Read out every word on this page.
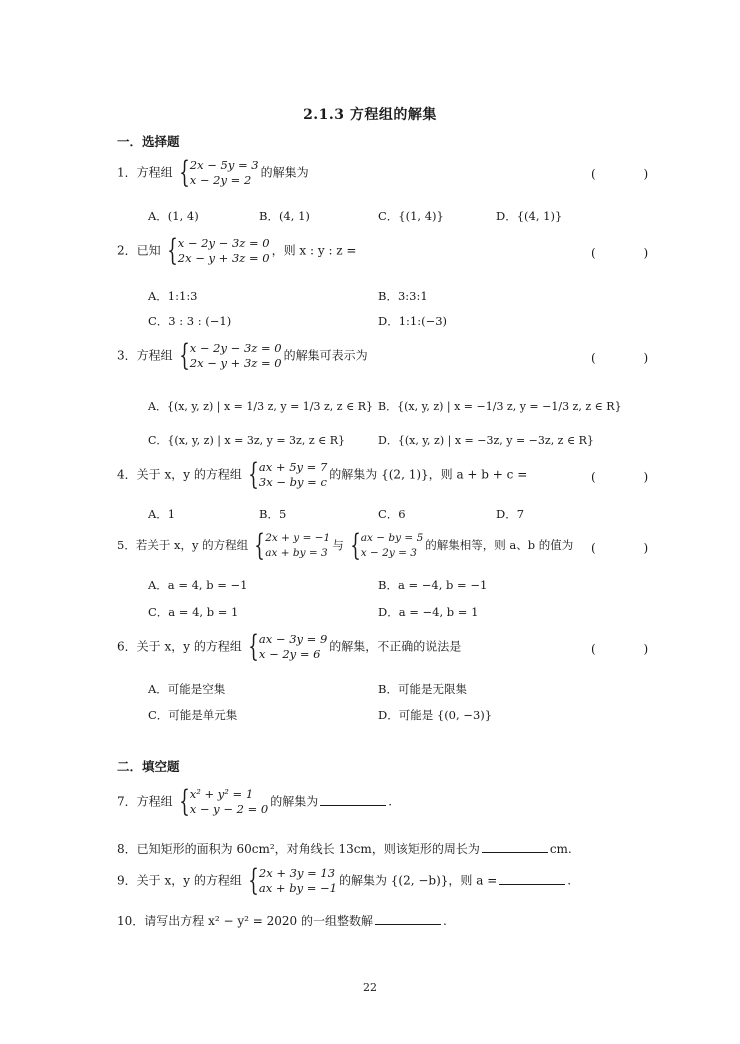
2.1.3 方程组的解集
一．选择题
1．方程组 { 2x − 5y = 3
x − 2y = 2
的解集为	( )
A．(1, 4)	B．(4, 1)	C．{(1, 4)}	D．{(4, 1)}
2．已知 { x − 2y − 3z = 0
2x − y + 3z = 0
，则 x : y : z =	( )
A．1:1:3	B．3:3:1
C．3 : 3 : (−1)	D．1:1:(−3)
3．方程组 { x − 2y − 3z = 0
2x − y + 3z = 0
的解集可表示为	( )
A．{(x, y, z) | x = 1/3 z, y = 1/3 z, z ∈ R} B．{(x, y, z) | x = −1/3 z, y = −1/3 z, z ∈ R}
C．{(x, y, z) | x = 3z, y = 3z, z ∈ R}	D．{(x, y, z) | x = −3z, y = −3z, z ∈ R}
4．关于 x，y 的方程组 { ax + 5y = 7
3x − by = c
的解集为 {(2, 1)}，则 a + b + c =	( )
A．1	B．5	C．6	D．7
5．若关于 x，y 的方程组 { 2x + y = −1
ax + by = 3
与 { ax − by = 5
x − 2y = 3
的解集相等，则 a、b 的值为 ( )
A．a = 4, b = −1	B．a = −4, b = −1
C．a = 4, b = 1	D．a = −4, b = 1
6．关于 x，y 的方程组 { ax − 3y = 9
x − 2y = 6
的解集，不正确的说法是	( )
A．可能是空集	B．可能是无限集
C．可能是单元集	D．可能是 {(0, −3)}
二．填空题
7．方程组 { x² + y² = 1
x − y − 2 = 0
的解集为	.
8．已知矩形的面积为 60cm²，对角线长 13cm，则该矩形的周长为	cm.
9．关于 x，y 的方程组 { 2x + 3y = 13
ax + by = −1
的解集为 {(2, −b)}，则 a =	.
10．请写出方程 x² − y² = 2020 的一组整数解	.
22
